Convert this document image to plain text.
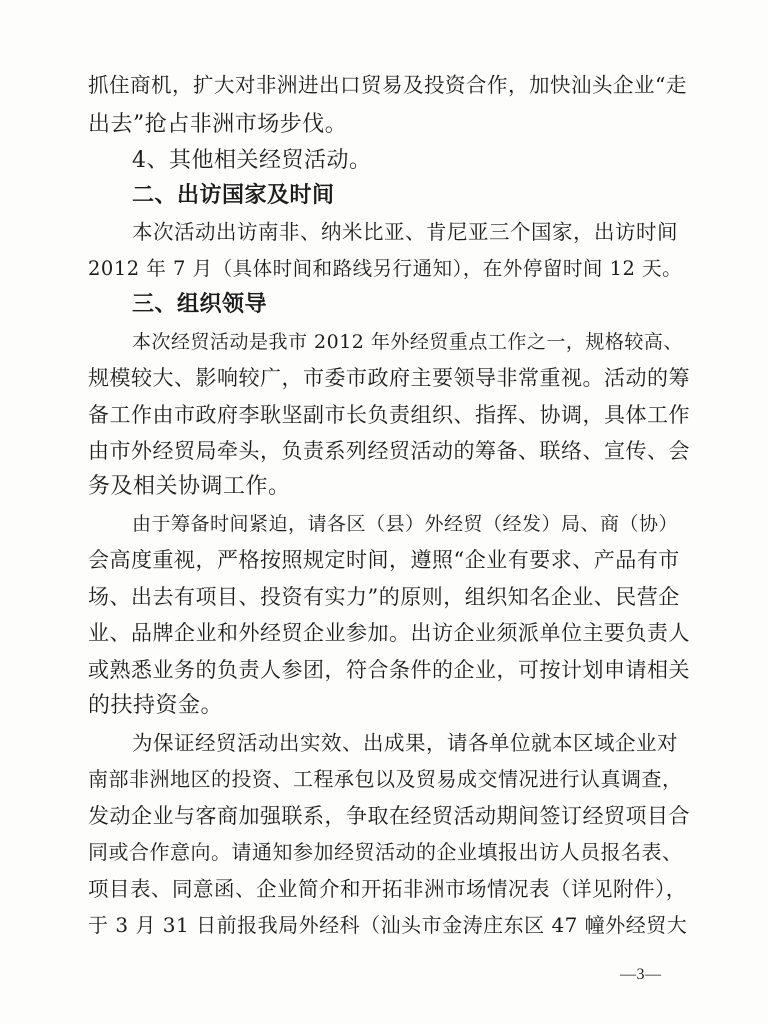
抓住商机，扩大对非洲进出口贸易及投资合作，加快汕头企业“走
出去”抢占非洲市场步伐。
4、其他相关经贸活动。
二、出访国家及时间
本次活动出访南非、纳米比亚、肯尼亚三个国家，出访时间
2012 年 7 月（具体时间和路线另行通知），在外停留时间 12 天。
三、组织领导
本次经贸活动是我市 2012 年外经贸重点工作之一，规格较高、
规模较大、影响较广，市委市政府主要领导非常重视。活动的筹
备工作由市政府李耿坚副市长负责组织、指挥、协调，具体工作
由市外经贸局牵头，负责系列经贸活动的筹备、联络、宣传、会
务及相关协调工作。
由于筹备时间紧迫，请各区（县）外经贸（经发）局、商（协）
会高度重视，严格按照规定时间，遵照“企业有要求、产品有市
场、出去有项目、投资有实力”的原则，组织知名企业、民营企
业、品牌企业和外经贸企业参加。出访企业须派单位主要负责人
或熟悉业务的负责人参团，符合条件的企业，可按计划申请相关
的扶持资金。
为保证经贸活动出实效、出成果，请各单位就本区域企业对
南部非洲地区的投资、工程承包以及贸易成交情况进行认真调查，
发动企业与客商加强联系，争取在经贸活动期间签订经贸项目合
同或合作意向。请通知参加经贸活动的企业填报出访人员报名表、
项目表、同意函、企业简介和开拓非洲市场情况表（详见附件），
于 3 月 31 日前报我局外经科（汕头市金涛庄东区 47 幢外经贸大
—3—
